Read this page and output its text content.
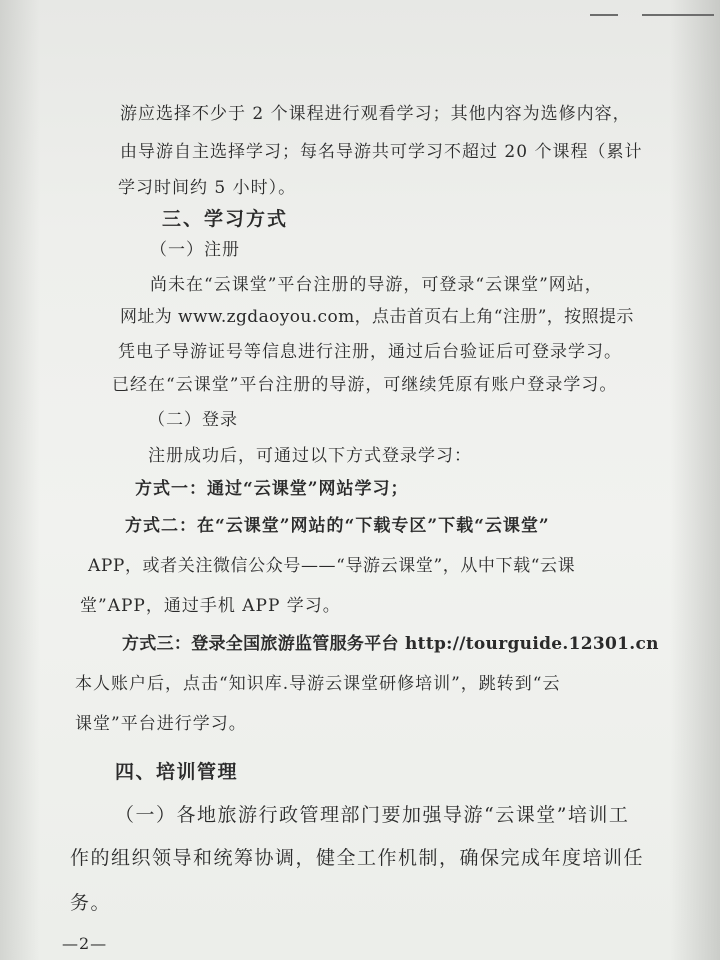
游应选择不少于 2 个课程进行观看学习；其他内容为选修内容，
由导游自主选择学习；每名导游共可学习不超过 20 个课程（累计
学习时间约 5 小时）。
三、学习方式
（一）注册
尚未在“云课堂”平台注册的导游，可登录“云课堂”网站，
网址为 www.zgdaoyou.com，点击首页右上角“注册”，按照提示
凭电子导游证号等信息进行注册，通过后台验证后可登录学习。
已经在“云课堂”平台注册的导游，可继续凭原有账户登录学习。
（二）登录
注册成功后，可通过以下方式登录学习：
方式一：通过“云课堂”网站学习；
方式二：在“云课堂”网站的“下载专区”下载“云课堂”
APP，或者关注微信公众号——“导游云课堂”，从中下载“云课
堂”APP，通过手机 APP 学习。
方式三：登录全国旅游监管服务平台 http://tourguide.12301.cn
本人账户后，点击“知识库.导游云课堂研修培训”，跳转到“云
课堂”平台进行学习。
四、培训管理
（一）各地旅游行政管理部门要加强导游“云课堂”培训工
作的组织领导和统筹协调，健全工作机制，确保完成年度培训任
务。
—2—
